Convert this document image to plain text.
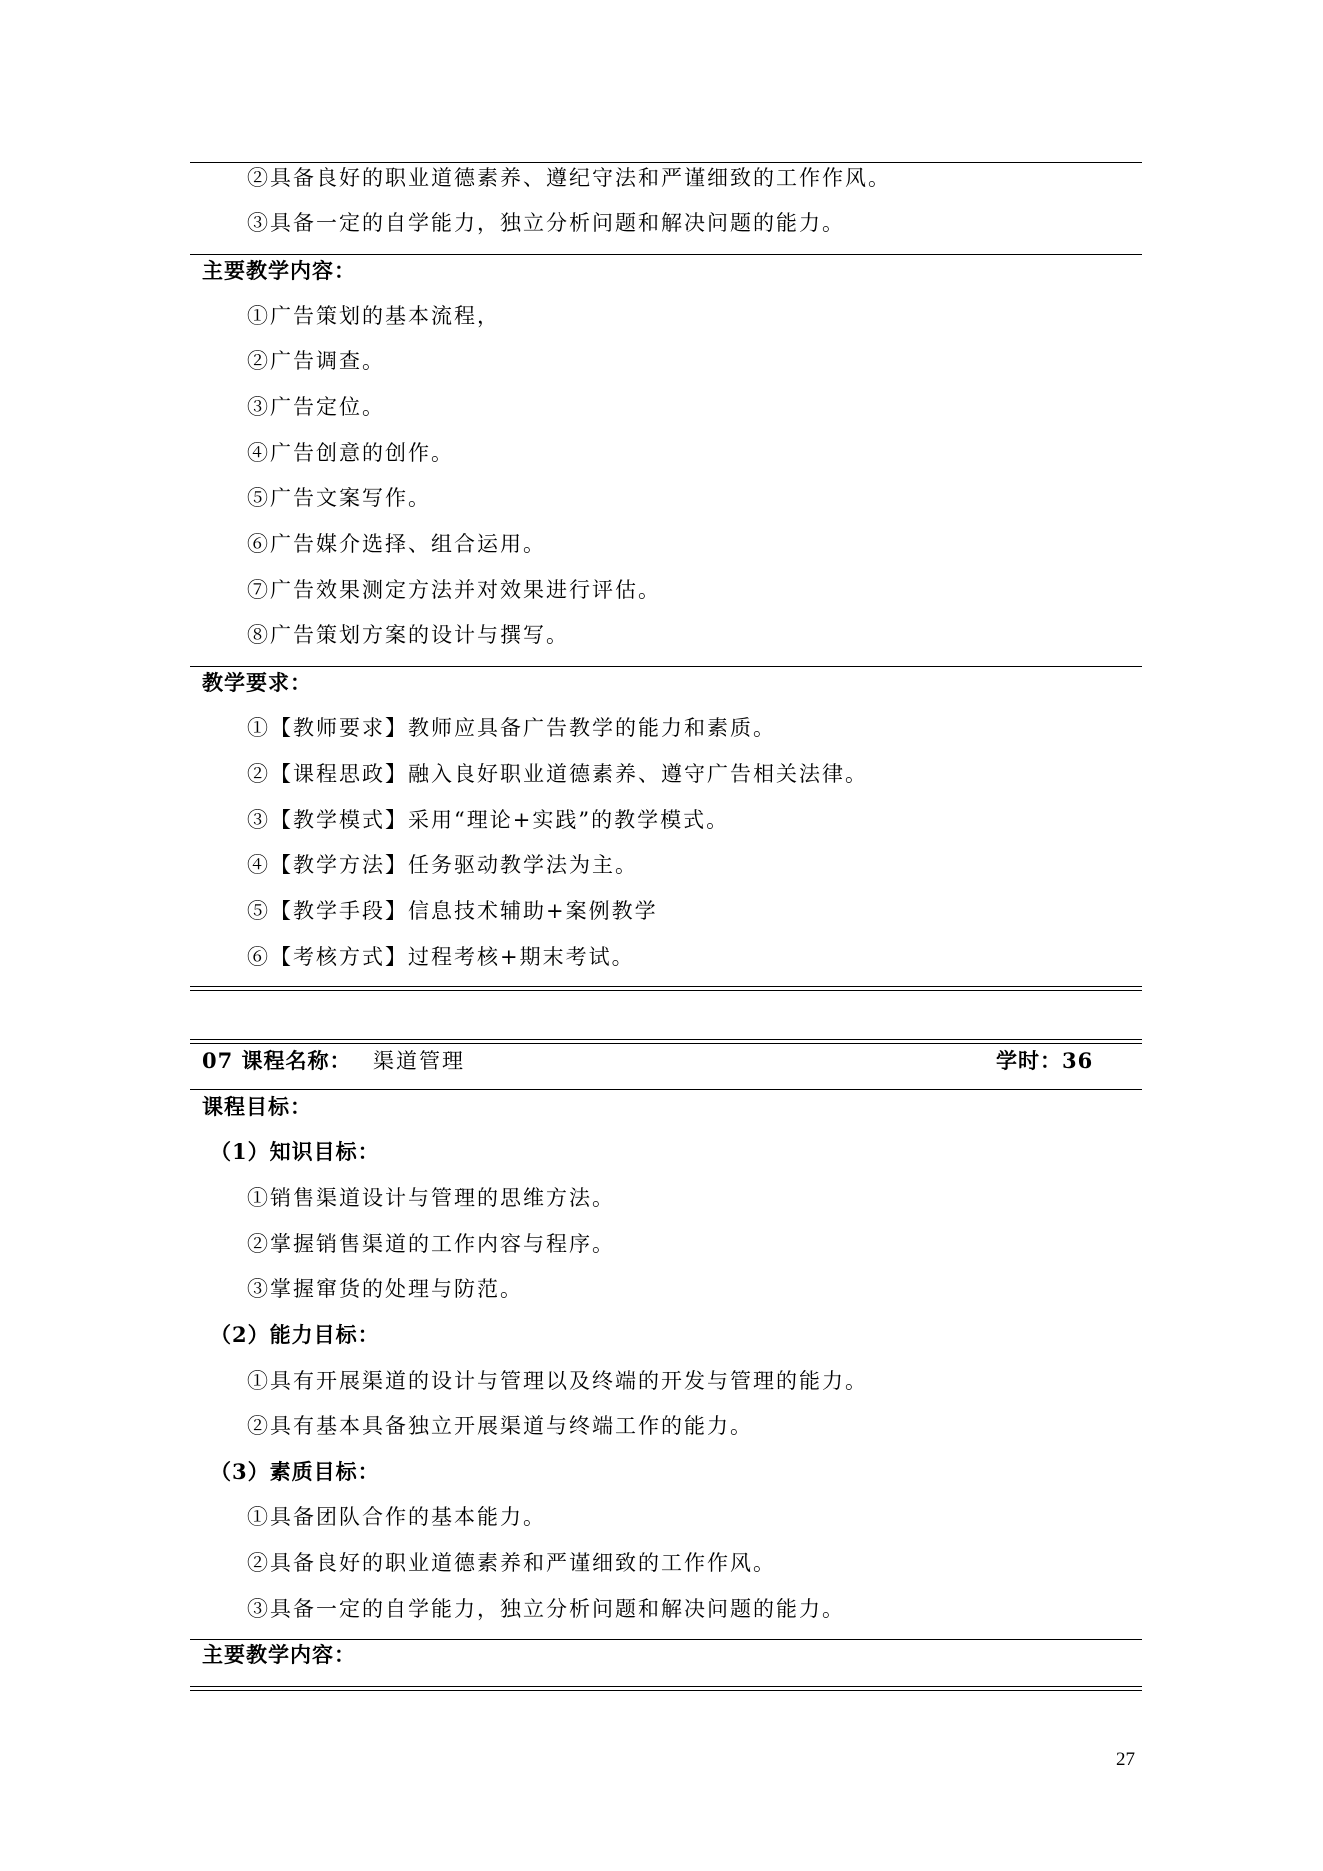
②具备良好的职业道德素养、遵纪守法和严谨细致的工作作风。
③具备一定的自学能力，独立分析问题和解决问题的能力。
主要教学内容：
①广告策划的基本流程，
②广告调查。
③广告定位。
④广告创意的创作。
⑤广告文案写作。
⑥广告媒介选择、组合运用。
⑦广告效果测定方法并对效果进行评估。
⑧广告策划方案的设计与撰写。
教学要求：
①【教师要求】教师应具备广告教学的能力和素质。
②【课程思政】融入良好职业道德素养、遵守广告相关法律。
③【教学模式】采用“理论+实践”的教学模式。
④【教学方法】任务驱动教学法为主。
⑤【教学手段】信息技术辅助+案例教学
⑥【考核方式】过程考核+期末考试。
07 课程名称： 渠道管理	学时：36
课程目标：
（1）知识目标：
①销售渠道设计与管理的思维方法。
②掌握销售渠道的工作内容与程序。
③掌握窜货的处理与防范。
（2）能力目标：
①具有开展渠道的设计与管理以及终端的开发与管理的能力。
②具有基本具备独立开展渠道与终端工作的能力。
（3）素质目标：
①具备团队合作的基本能力。
②具备良好的职业道德素养和严谨细致的工作作风。
③具备一定的自学能力，独立分析问题和解决问题的能力。
主要教学内容：
27
